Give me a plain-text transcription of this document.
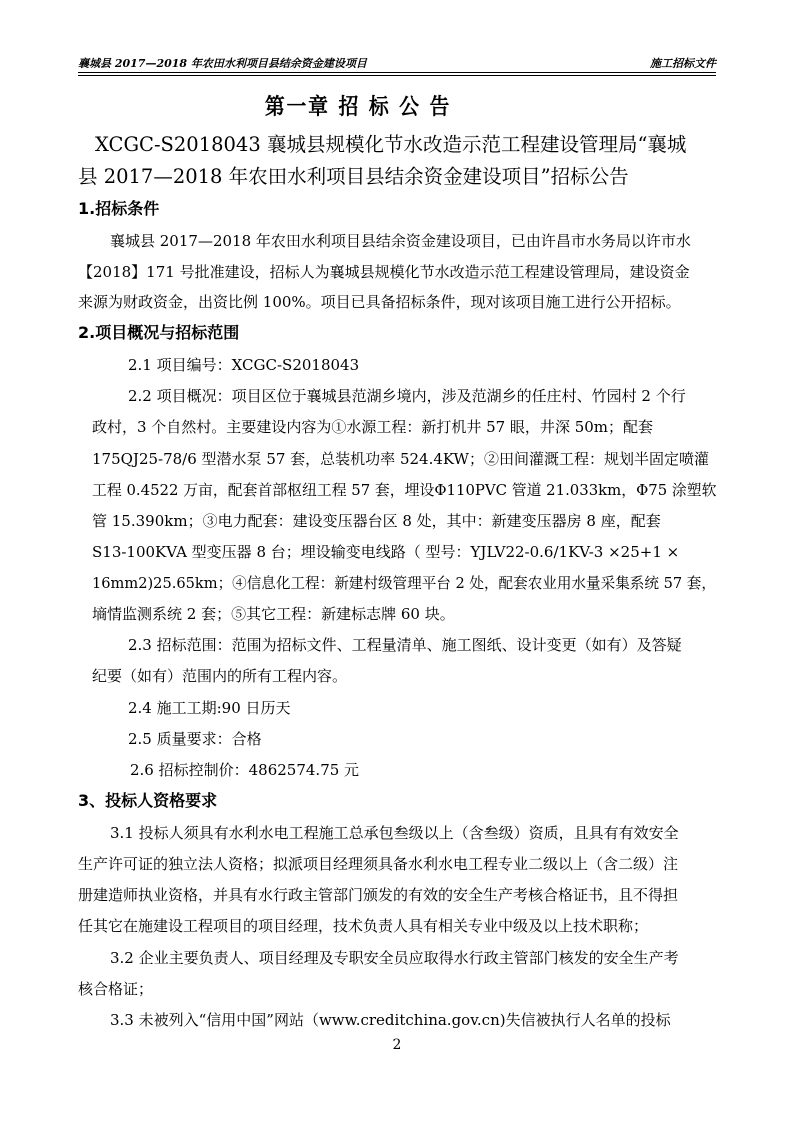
襄城县 2017—2018 年农田水利项目县结余资金建设项目	施工招标文件
第一章 招 标 公 告
XCGC-S2018043 襄城县规模化节水改造示范工程建设管理局“襄城
县 2017—2018 年农田水利项目县结余资金建设项目”招标公告
1.招标条件
襄城县 2017—2018 年农田水利项目县结余资金建设项目，已由许昌市水务局以许市水
【2018】171 号批准建设，招标人为襄城县规模化节水改造示范工程建设管理局，建设资金
来源为财政资金，出资比例 100%。项目已具备招标条件，现对该项目施工进行公开招标。
2.项目概况与招标范围
2.1 项目编号：XCGC-S2018043
2.2 项目概况：项目区位于襄城县范湖乡境内，涉及范湖乡的任庄村、竹园村 2 个行
政村，3 个自然村。主要建设内容为①水源工程：新打机井 57 眼，井深 50m；配套
175QJ25-78/6 型潜水泵 57 套，总装机功率 524.4KW；②田间灌溉工程：规划半固定喷灌
工程 0.4522 万亩，配套首部枢纽工程 57 套，埋设Φ110PVC 管道 21.033km，Φ75 涂塑软
管 15.390km；③电力配套：建设变压器台区 8 处，其中：新建变压器房 8 座，配套
S13-100KVA 型变压器 8 台；埋设输变电线路（ 型号：YJLV22-0.6/1KV-3 ×25+1 ×
16mm2)25.65km；④信息化工程：新建村级管理平台 2 处，配套农业用水量采集系统 57 套，
墒情监测系统 2 套；⑤其它工程：新建标志牌 60 块。
2.3 招标范围：范围为招标文件、工程量清单、施工图纸、设计变更（如有）及答疑
纪要（如有）范围内的所有工程内容。
2.4 施工工期:90 日历天
2.5 质量要求：合格
2.6 招标控制价：4862574.75 元
3、投标人资格要求
3.1 投标人须具有水利水电工程施工总承包叁级以上（含叁级）资质，且具有有效安全
生产许可证的独立法人资格；拟派项目经理须具备水利水电工程专业二级以上（含二级）注
册建造师执业资格，并具有水行政主管部门颁发的有效的安全生产考核合格证书，且不得担
任其它在施建设工程项目的项目经理，技术负责人具有相关专业中级及以上技术职称；
3.2 企业主要负责人、项目经理及专职安全员应取得水行政主管部门核发的安全生产考
核合格证；
3.3 未被列入“信用中国”网站（www.creditchina.gov.cn)失信被执行人名单的投标
2
